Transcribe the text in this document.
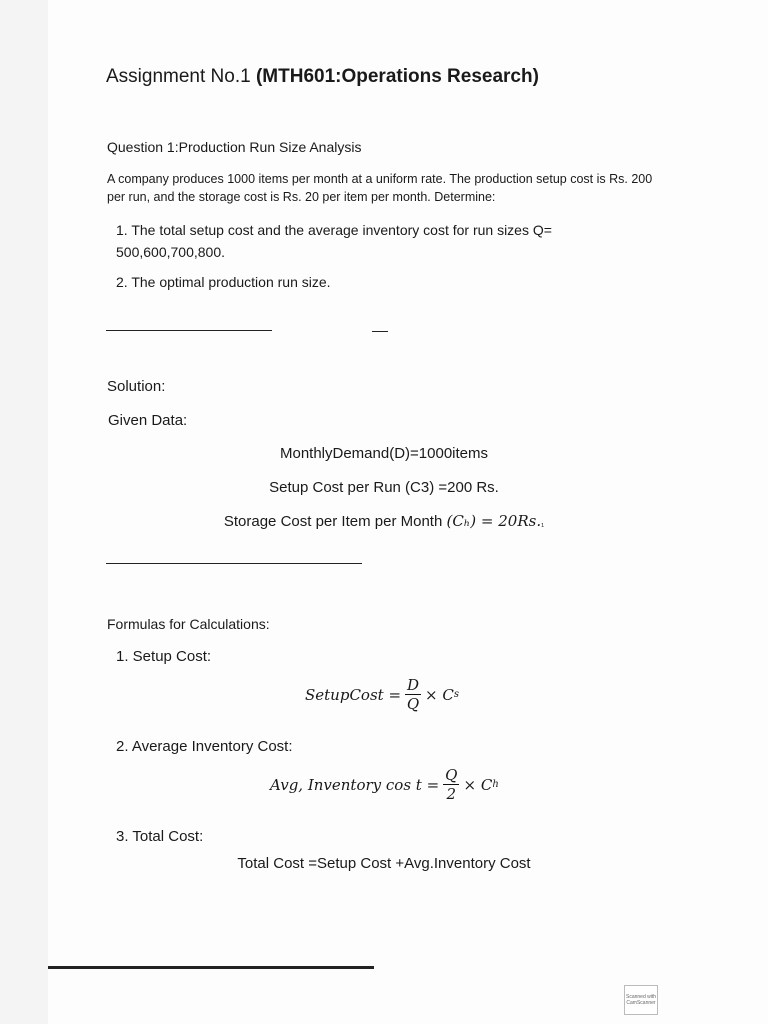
Assignment No.1 (MTH601:Operations Research)
Question 1:Production Run Size Analysis
A company produces 1000 items per month at a uniform rate. The production setup cost is Rs. 200 per run, and the storage cost is Rs. 20 per item per month. Determine:
1. The total setup cost and the average inventory cost for run sizes Q= 500,600,700,800.
2. The optimal production run size.
Solution:
Given Data:
MonthlyDemand(D)=1000items
Setup Cost per Run (C3) =200 Rs.
Storage Cost per Item per Month (Cₕ) = 20Rs.₁
Formulas for Calculations:
1. Setup Cost:
SetupCost = $\frac{D}{Q} \times C$ s
2. Average Inventory Cost:
Avg, Inventory $\cos t = \frac{Q}{2} \times C$ h
3. Total Cost:
Total Cost =Setup Cost +Avg.Inventory Cost
Scanned with
CamScanner
